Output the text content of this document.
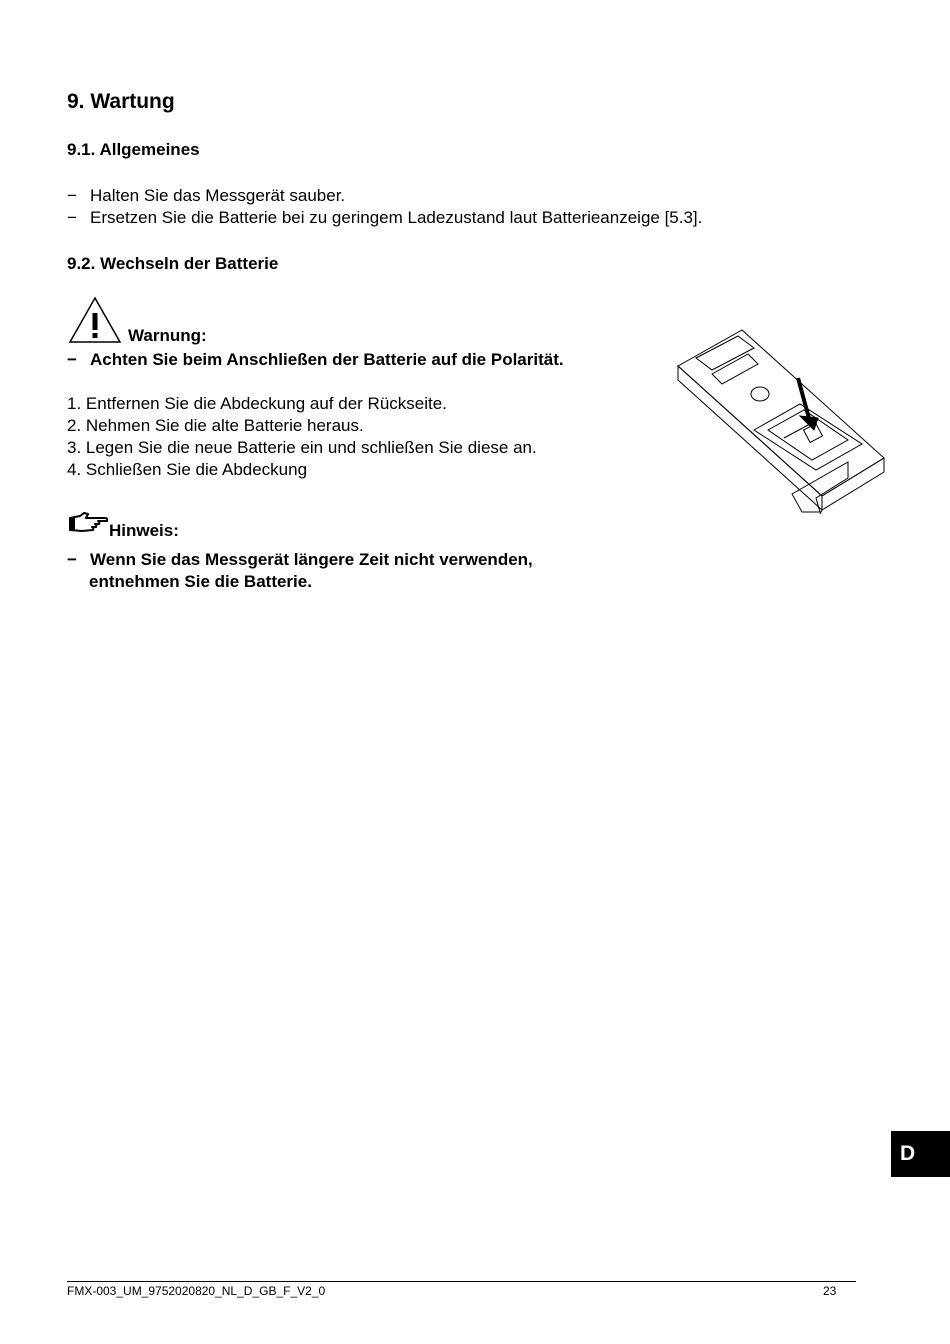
9. Wartung
9.1. Allgemeines
− Halten Sie das Messgerät sauber.
− Ersetzen Sie die Batterie bei zu geringem Ladezustand laut Batterieanzeige [5.3].
9.2. Wechseln der Batterie
Warnung:
− Achten Sie beim Anschließen der Batterie auf die Polarität.
1. Entfernen Sie die Abdeckung auf der Rückseite.
2. Nehmen Sie die alte Batterie heraus.
3. Legen Sie die neue Batterie ein und schließen Sie diese an.
4. Schließen Sie die Abdeckung
Hinweis:
− Wenn Sie das Messgerät längere Zeit nicht verwenden,
entnehmen Sie die Batterie.
D
FMX-003_UM_9752020820_NL_D_GB_F_V2_0	23
